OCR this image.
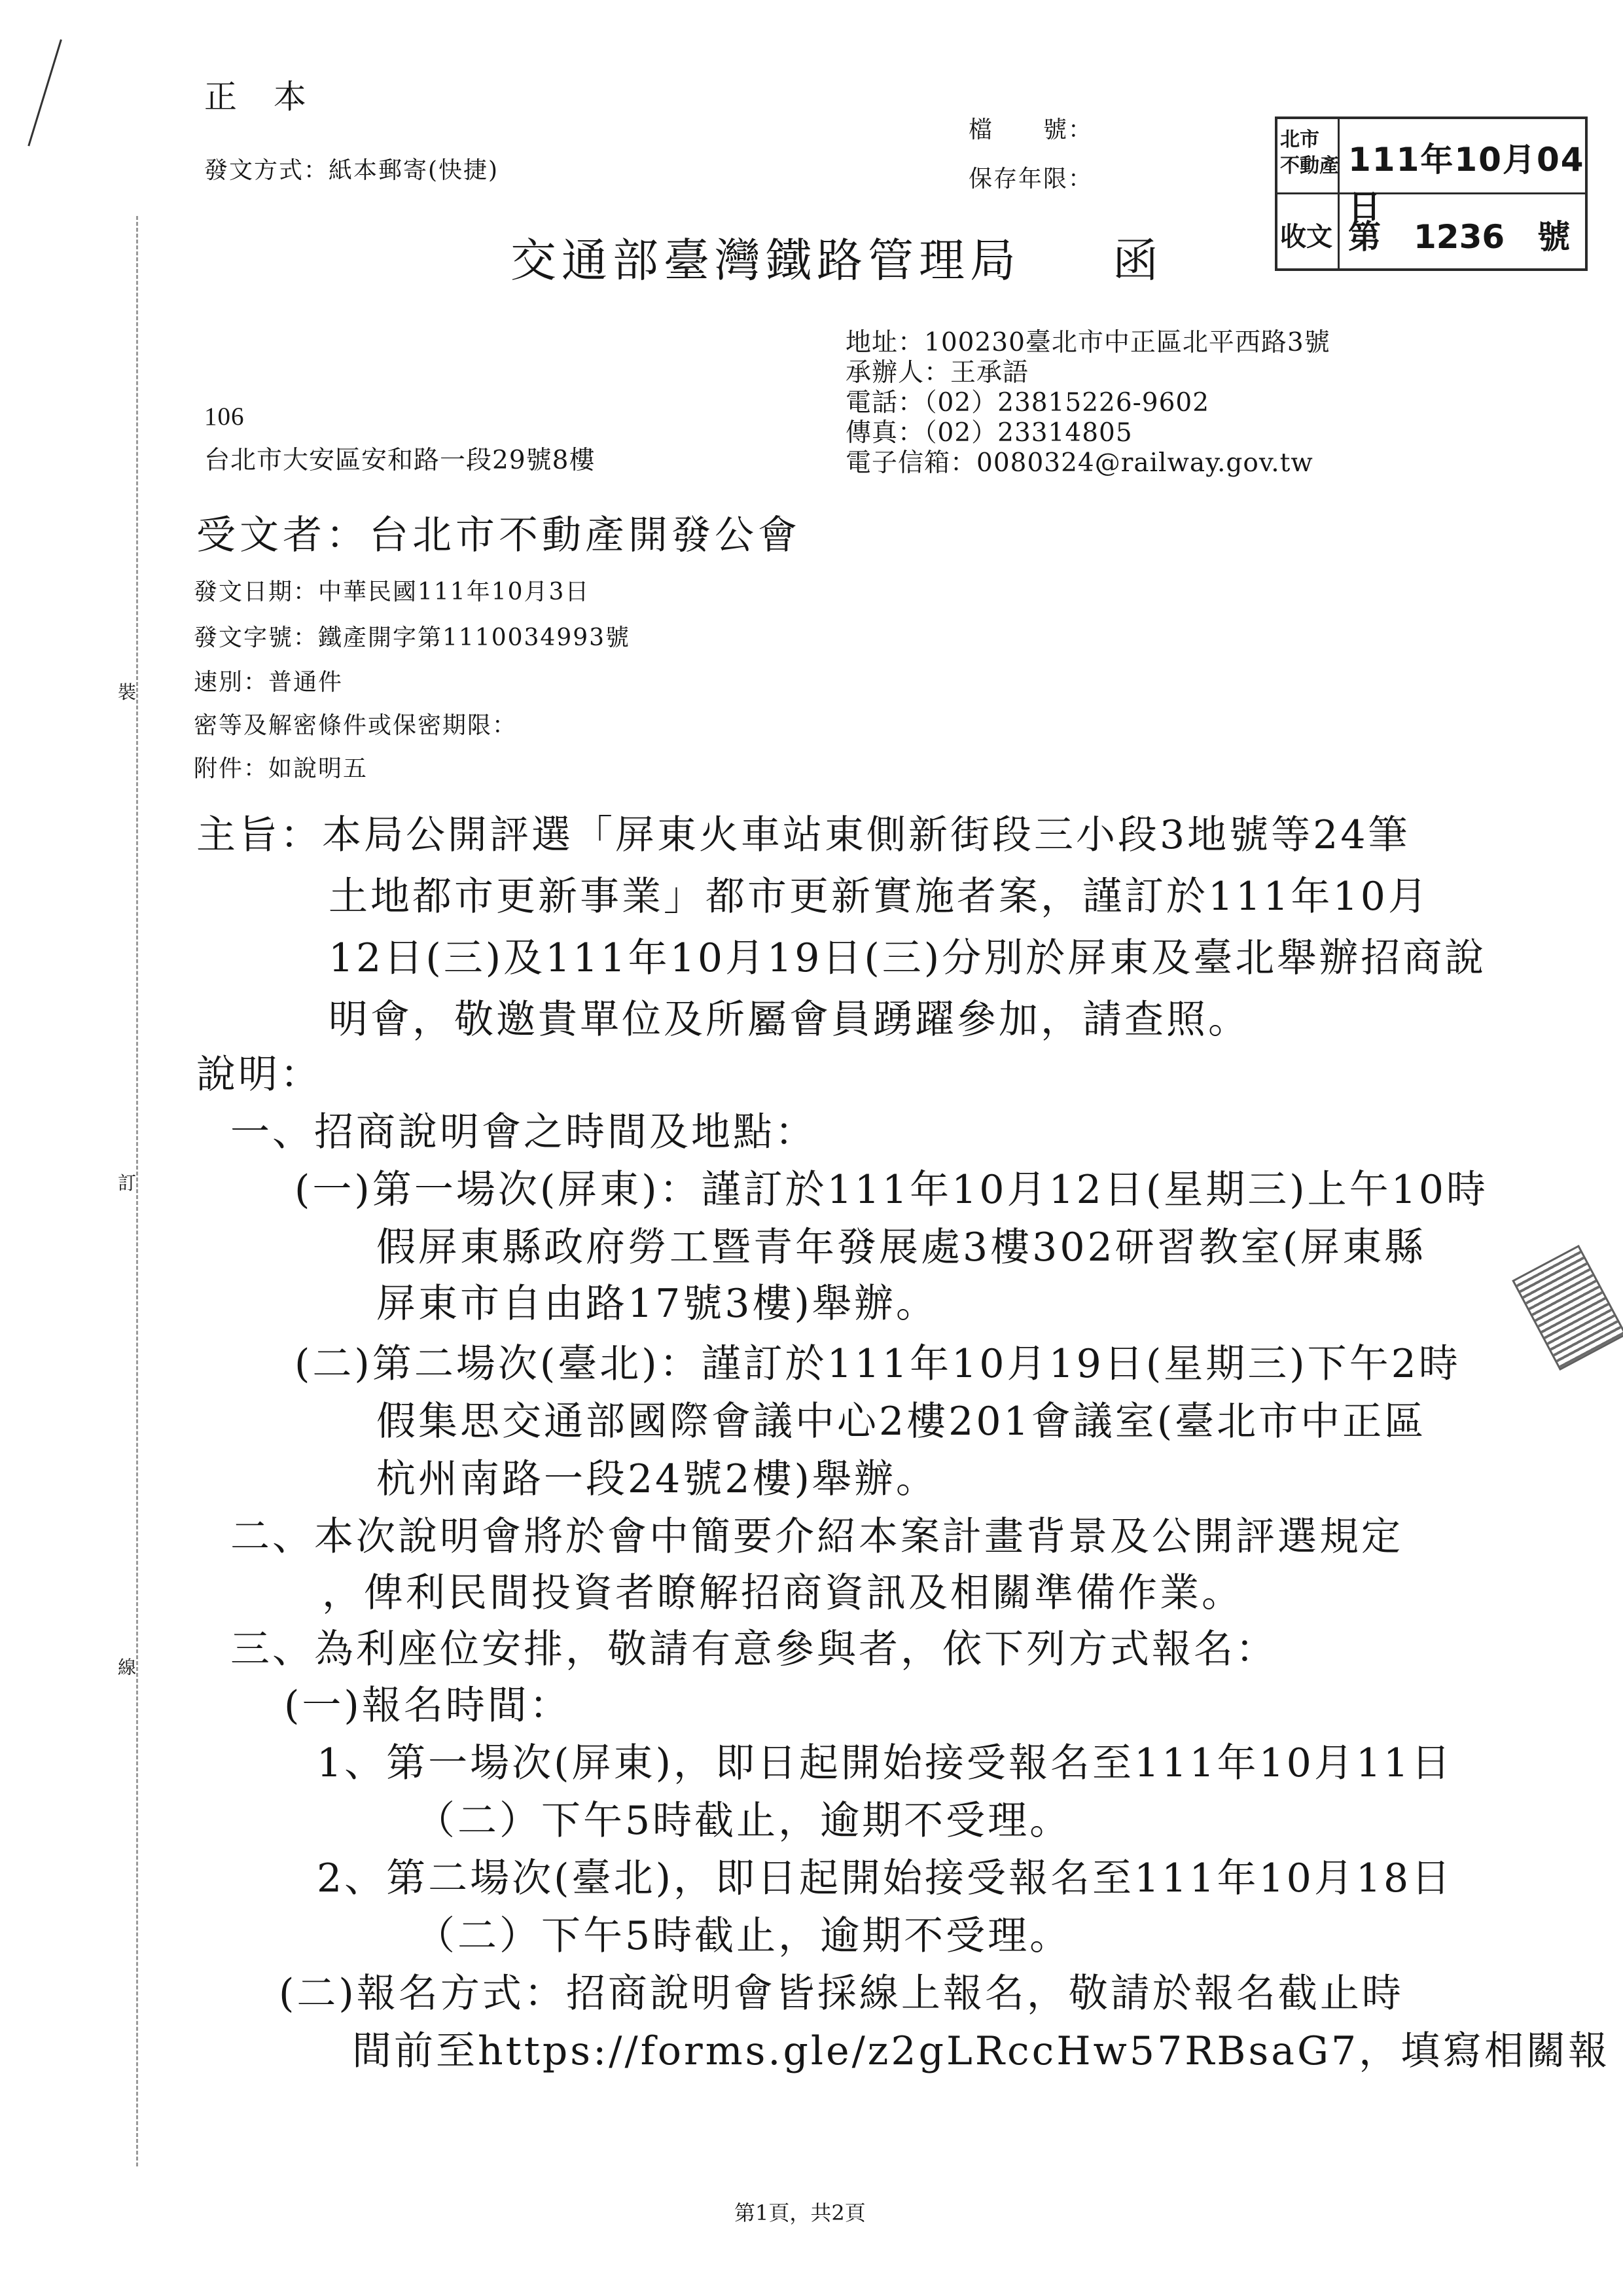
裝
訂
線
正 本
發文方式：紙本郵寄(快捷)
檔　　號：
保存年限：
交通部臺灣鐵路管理局 函
北市
不動產 111年10月04日
收文 第　1236　號
地址：100230臺北市中正區北平西路3號
承辦人：王承語
電話：（02）23815226-9602
傳真：（02）23314805
電子信箱：0080324@railway.gov.tw
106
台北市大安區安和路一段29號8樓
受文者：台北市不動產開發公會
發文日期：中華民國111年10月3日
發文字號：鐵產開字第1110034993號
速別：普通件
密等及解密條件或保密期限：
附件：如說明五
主旨：本局公開評選「屏東火車站東側新街段三小段3地號等24筆
土地都市更新事業」都市更新實施者案，謹訂於111年10月
12日(三)及111年10月19日(三)分別於屏東及臺北舉辦招商說
明會，敬邀貴單位及所屬會員踴躍參加，請查照。
說明：
一、招商說明會之時間及地點：
(一)第一場次(屏東)：謹訂於111年10月12日(星期三)上午10時
假屏東縣政府勞工暨青年發展處3樓302研習教室(屏東縣
屏東市自由路17號3樓)舉辦。
(二)第二場次(臺北)：謹訂於111年10月19日(星期三)下午2時
假集思交通部國際會議中心2樓201會議室(臺北市中正區
杭州南路一段24號2樓)舉辦。
二、本次說明會將於會中簡要介紹本案計畫背景及公開評選規定
，俾利民間投資者瞭解招商資訊及相關準備作業。
三、為利座位安排，敬請有意參與者，依下列方式報名：
(一)報名時間：
1、第一場次(屏東)，即日起開始接受報名至111年10月11日
（二）下午5時截止，逾期不受理。
2、第二場次(臺北)，即日起開始接受報名至111年10月18日
（二）下午5時截止，逾期不受理。
(二)報名方式：招商說明會皆採線上報名，敬請於報名截止時
間前至https://forms.gle/z2gLRccHw57RBsaG7，填寫相關報
第1頁，共2頁
